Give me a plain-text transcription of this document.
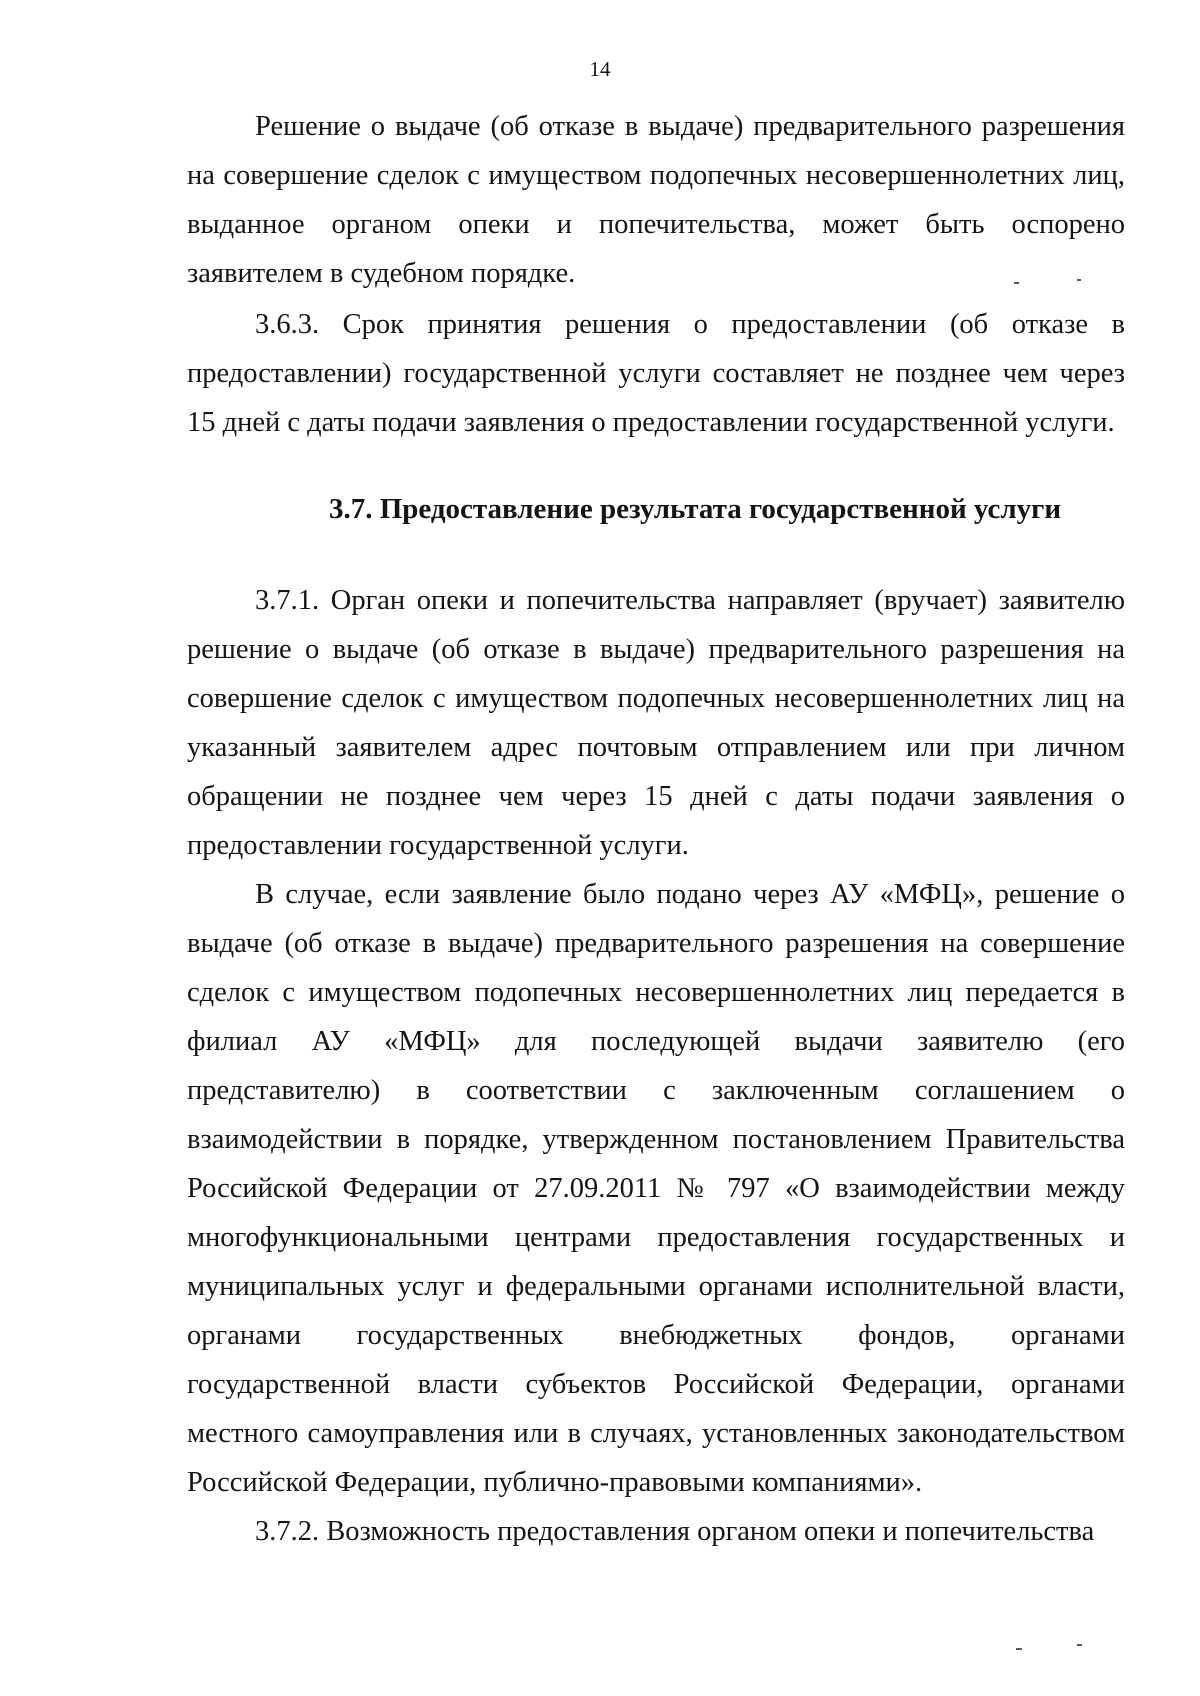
14

Решение о выдаче (об отказе в выдаче) предварительного разрешения на совершение сделок с имуществом подопечных несовершеннолетних лиц, выданное органом опеки и попечительства, может быть оспорено заявителем в судебном порядке.

3.6.3. Срок принятия решения о предоставлении (об отказе в предоставлении) государственной услуги составляет не позднее чем через 15 дней с даты подачи заявления о предоставлении государственной услуги.

3.7. Предоставление результата государственной услуги

3.7.1. Орган опеки и попечительства направляет (вручает) заявителю решение о выдаче (об отказе в выдаче) предварительного разрешения на совершение сделок с имуществом подопечных несовершеннолетних лиц на указанный заявителем адрес почтовым отправлением или при личном обращении не позднее чем через 15 дней с даты подачи заявления о предоставлении государственной услуги.

В случае, если заявление было подано через АУ «МФЦ», решение о выдаче (об отказе в выдаче) предварительного разрешения на совершение сделок с имуществом подопечных несовершеннолетних лиц передается в филиал АУ «МФЦ» для последующей выдачи заявителю (его представителю) в соответствии с заключенным соглашением о взаимодействии в порядке, утвержденном постановлением Правительства Российской Федерации от 27.09.2011 № 797 «О взаимодействии между многофункциональными центрами предоставления государственных и муниципальных услуг и федеральными органами исполнительной власти, органами государственных внебюджетных фондов, органами государственной власти субъектов Российской Федерации, органами местного самоуправления или в случаях, установленных законодательством Российской Федерации, публично-правовыми компаниями».

3.7.2. Возможность предоставления органом опеки и попечительства
